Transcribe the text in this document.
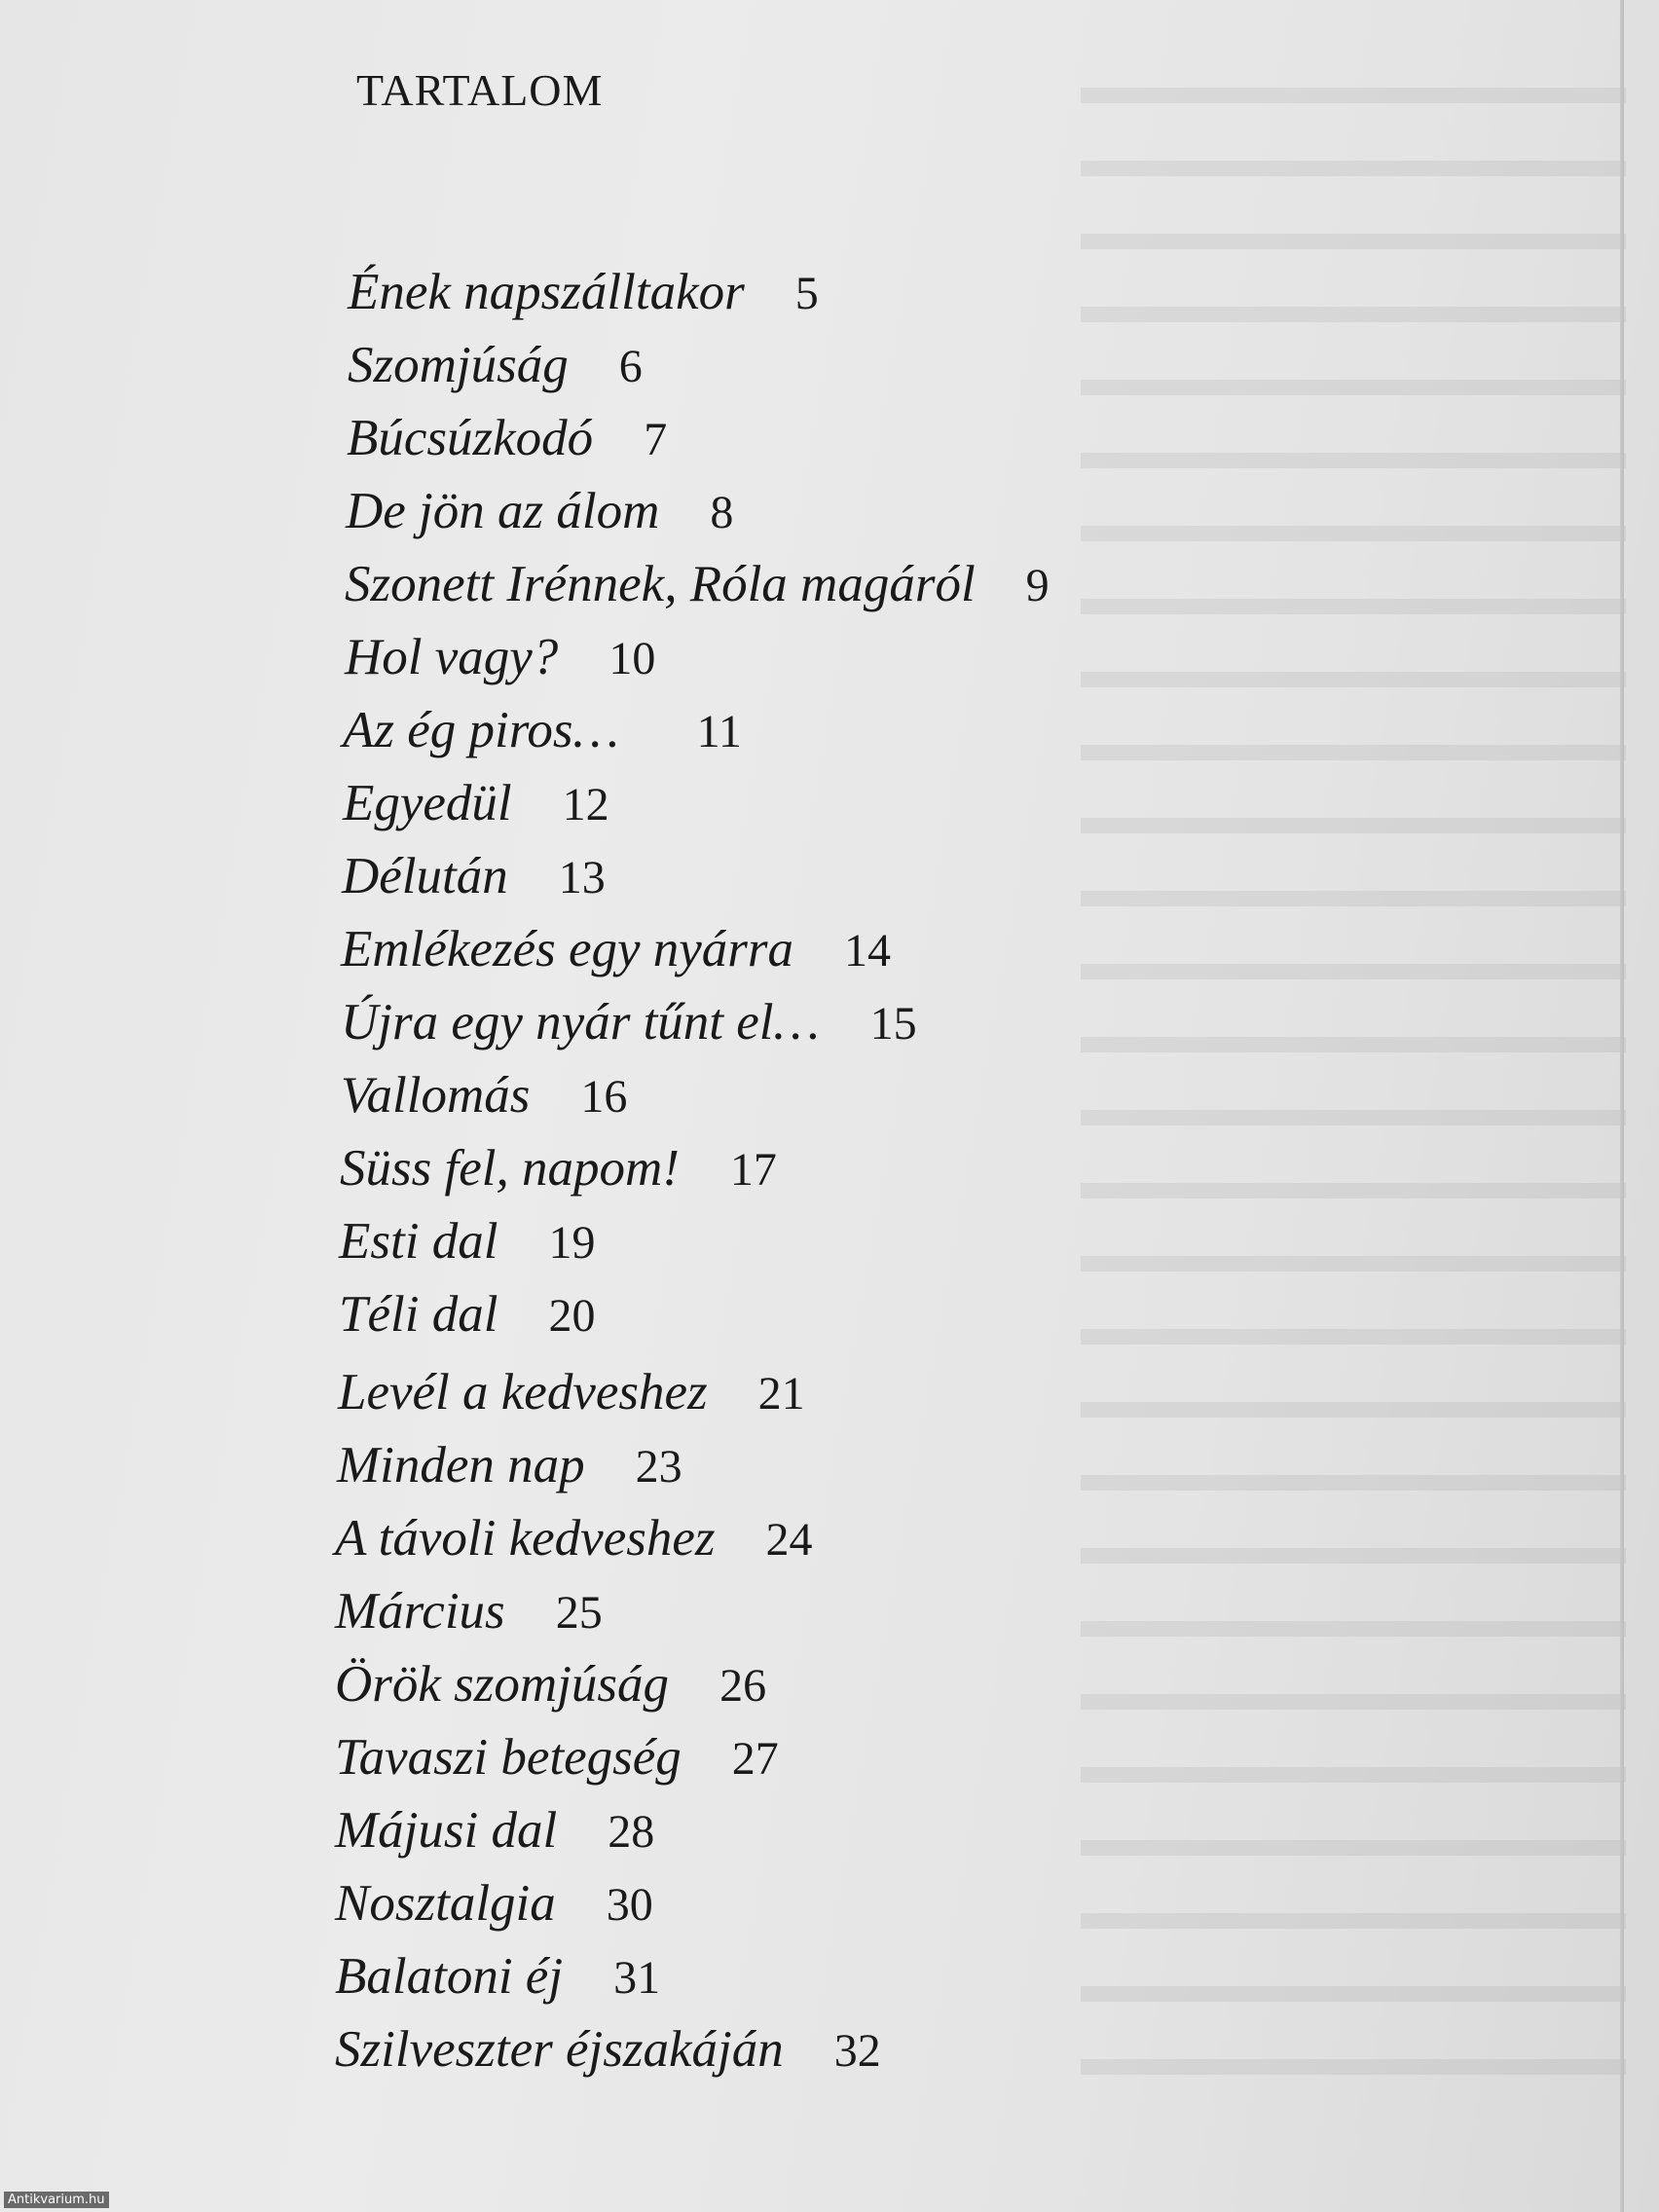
TARTALOM
Ének napszálltakor 5
Szomjúság 6
Búcsúzkodó 7
De jön az álom 8
Szonett Irénnek, Róla magáról 9
Hol vagy? 10
Az ég piros… 11
Egyedül 12
Délután 13
Emlékezés egy nyárra 14
Újra egy nyár tűnt el… 15
Vallomás 16
Süss fel, napom! 17
Esti dal 19
Téli dal 20
Levél a kedveshez 21
Minden nap 23
A távoli kedveshez 24
Március 25
Örök szomjúság 26
Tavaszi betegség 27
Májusi dal 28
Nosztalgia 30
Balatoni éj 31
Szilveszter éjszakáján 32
Antikvarium.hu
